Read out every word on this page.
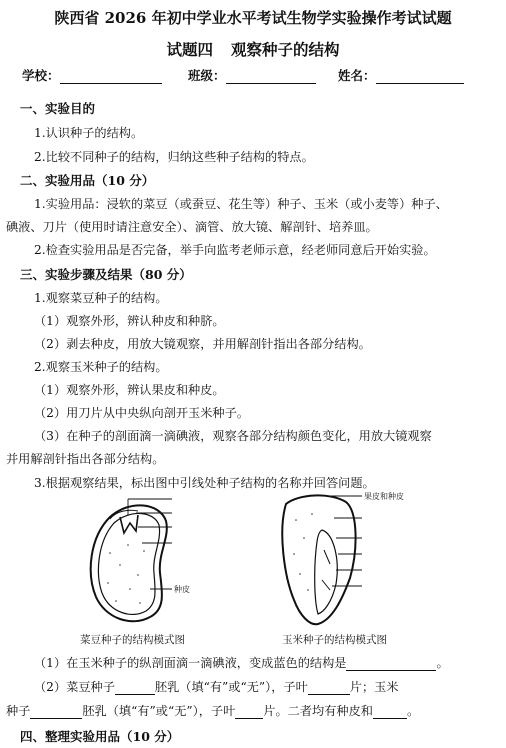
陕西省 2026 年初中学业水平考试生物学实验操作考试试题
试题四 观察种子的结构
学校：	班级：	姓名：
一、实验目的
1.认识种子的结构。
2.比较不同种子的结构，归纳这些种子结构的特点。
二、实验用品（10 分）
1.实验用品：浸软的菜豆（或蚕豆、花生等）种子、玉米（或小麦等）种子、
碘液、刀片（使用时请注意安全）、滴管、放大镜、解剖针、培养皿。
2.检查实验用品是否完备，举手向监考老师示意，经老师同意后开始实验。
三、实验步骤及结果（80 分）
1.观察菜豆种子的结构。
（1）观察外形，辨认种皮和种脐。
（2）剥去种皮，用放大镜观察，并用解剖针指出各部分结构。
2.观察玉米种子的结构。
（1）观察外形，辨认果皮和种皮。
（2）用刀片从中央纵向剖开玉米种子。
（3）在种子的剖面滴一滴碘液，观察各部分结构颜色变化，用放大镜观察
并用解剖针指出各部分结构。
3.根据观察结果，标出图中引线处种子结构的名称并回答问题。
种皮
果皮和种皮
菜豆种子的结构模式图	玉米种子的结构模式图
（1）在玉米种子的纵剖面滴一滴碘液，变成蓝色的结构是	。
（2）菜豆种子	胚乳（填“有”或“无”），子叶	片；玉米
种子	胚乳（填“有”或“无”），子叶 片。二者均有种皮和	。
四、整理实验用品（10 分）
